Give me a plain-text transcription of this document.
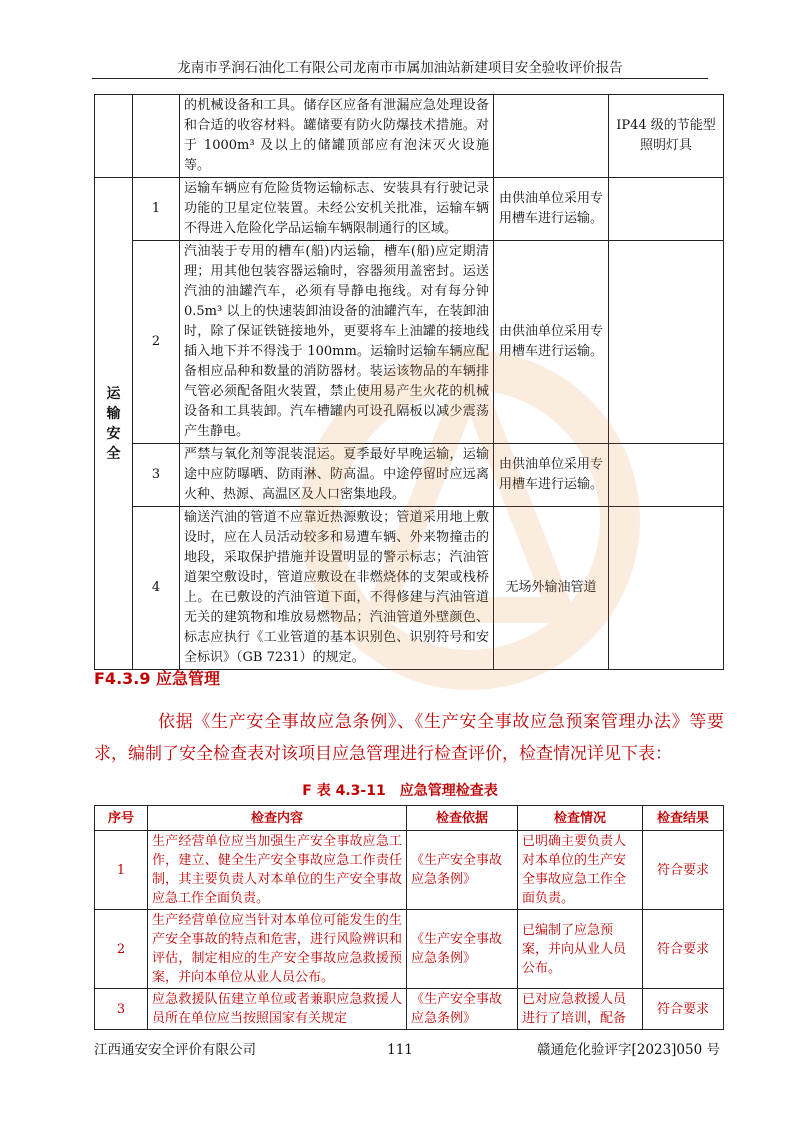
龙南市孚润石油化工有限公司龙南市市属加油站新建项目安全验收评价报告
		的机械设备和工具。储存区应备有泄漏应急处理设备和合适的收容材料。罐储要有防火防爆技术措施。对于 1000m³ 及以上的储罐顶部应有泡沫灭火设施等。		IP44 级的节能型照明灯具

运输安全	1	运输车辆应有危险货物运输标志、安装具有行驶记录功能的卫星定位装置。未经公安机关批准，运输车辆不得进入危险化学品运输车辆限制通行的区域。	由供油单位采用专用槽车进行运输。	
	2	汽油装于专用的槽车(船)内运输，槽车(船)应定期清理；用其他包装容器运输时，容器须用盖密封。运送汽油的油罐汽车，必须有导静电拖线。对有每分钟 0.5m³ 以上的快速装卸油设备的油罐汽车，在装卸油时，除了保证铁链接地外，更要将车上油罐的接地线插入地下并不得浅于 100mm。运输时运输车辆应配备相应品种和数量的消防器材。装运该物品的车辆排气管必须配备阻火装置，禁止使用易产生火花的机械设备和工具装卸。汽车槽罐内可设孔隔板以减少震荡产生静电。	由供油单位采用专用槽车进行运输。	
	3	严禁与氧化剂等混装混运。夏季最好早晚运输，运输途中应防曝晒、防雨淋、防高温。中途停留时应远离火种、热源、高温区及人口密集地段。	由供油单位采用专用槽车进行运输。	
	4	输送汽油的管道不应靠近热源敷设；管道采用地上敷设时，应在人员活动较多和易遭车辆、外来物撞击的地段，采取保护措施并设置明显的警示标志；汽油管道架空敷设时，管道应敷设在非燃烧体的支架或栈桥上。在已敷设的汽油管道下面，不得修建与汽油管道无关的建筑物和堆放易燃物品；汽油管道外壁颜色、标志应执行《工业管道的基本识别色、识别符号和安全标识》（GB 7231）的规定。	无场外输油管道	
F4.3.9 应急管理
依据《生产安全事故应急条例》、《生产安全事故应急预案管理办法》等要求，编制了安全检查表对该项目应急管理进行检查评价，检查情况详见下表：
F 表 4.3-11　应急管理检查表
序号	检查内容	检查依据	检查情况	检查结果
1	生产经营单位应当加强生产安全事故应急工作，建立、健全生产安全事故应急工作责任制，其主要负责人对本单位的生产安全事故应急工作全面负责。	《生产安全事故应急条例》	已明确主要负责人对本单位的生产安全事故应急工作全面负责。	符合要求
2	生产经营单位应当针对本单位可能发生的生产安全事故的特点和危害，进行风险辨识和评估，制定相应的生产安全事故应急救援预案，并向本单位从业人员公布。	《生产安全事故应急条例》	已编制了应急预案，并向从业人员公布。	符合要求
3	应急救援队伍建立单位或者兼职应急救援人员所在单位应当按照国家有关规定	《生产安全事故应急条例》	已对应急救援人员进行了培训，配备	符合要求
江西通安安全评价有限公司	111	赣通危化验评字[2023]050 号
